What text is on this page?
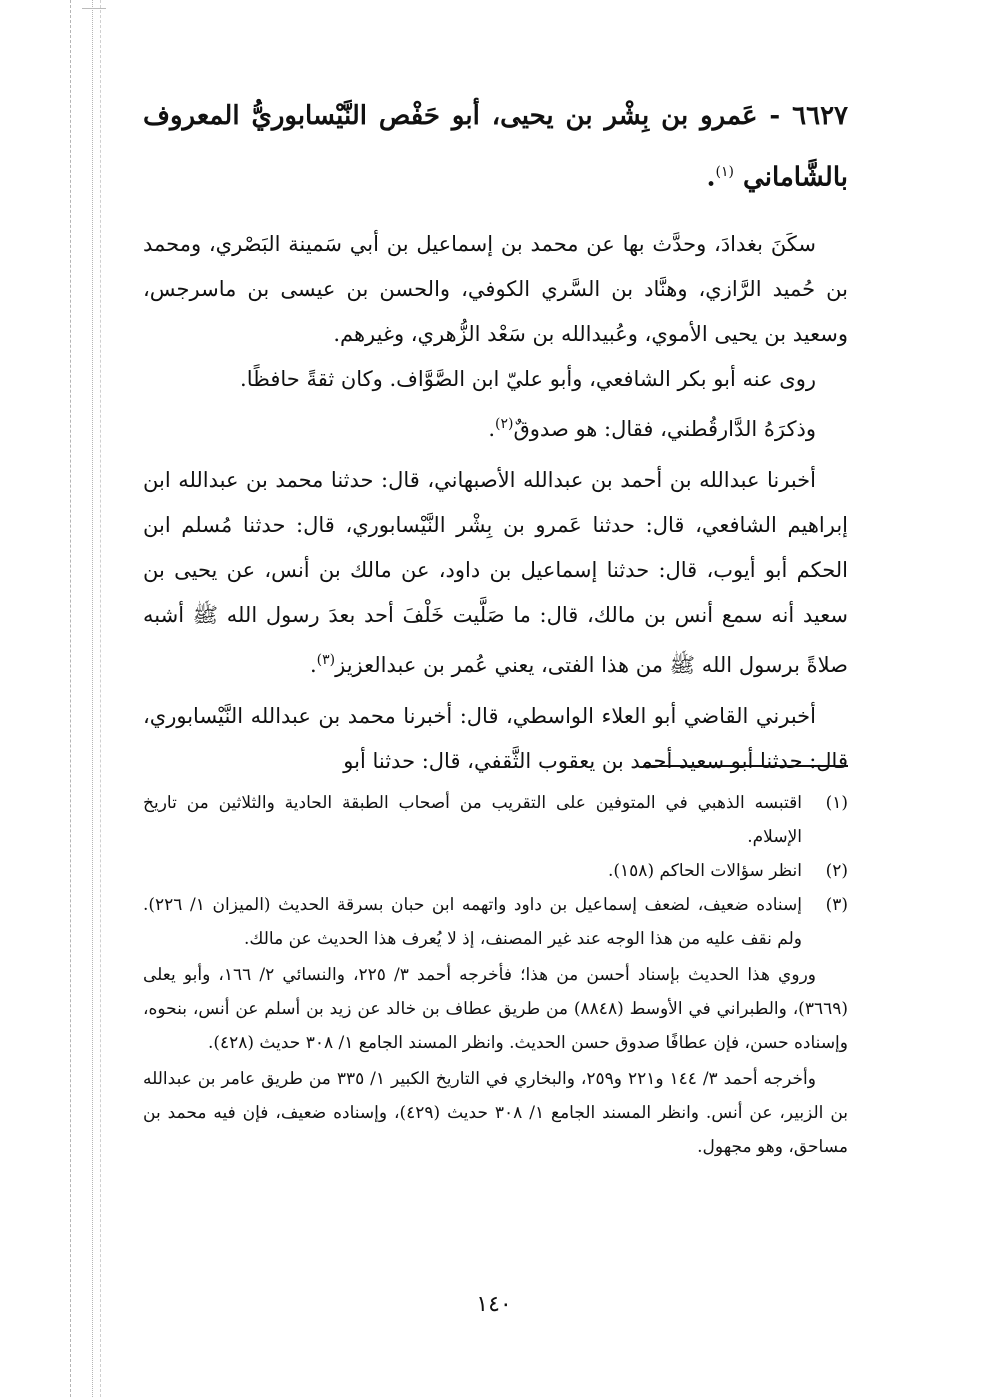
٦٦٢٧ - عَمرو بن بِشْر بن يحيى، أبو حَفْص النَّيْسابوريُّ المعروف بالشَّاماني $^{(١)}$.

سكَنَ بغدادَ، وحدَّث بها عن محمد بن إسماعيل بن أبي سَمينة البَصْري، ومحمد بن حُميد الرَّازي، وهنَّاد بن السَّري الكوفي، والحسن بن عيسى بن ماسرجس، وسعيد بن يحيى الأموي، وعُبيدالله بن سَعْد الزُّهري، وغيرهم.

روى عنه أبو بكر الشافعي، وأبو عليّ ابن الصَّوَّاف. وكان ثقةً حافظًا.

وذكرَهُ الدَّارقُطني، فقال: هو صدوقٌ$^{(٢)}$.

أخبرنا عبدالله بن أحمد بن عبدالله الأصبهاني، قال: حدثنا محمد بن عبدالله ابن إبراهيم الشافعي، قال: حدثنا عَمرو بن بِشْر النَّيْسابوري، قال: حدثنا مُسلم ابن الحكم أبو أيوب، قال: حدثنا إسماعيل بن داود، عن مالك بن أنس، عن يحيى بن سعيد أنه سمع أنس بن مالك، قال: ما صَلَّيت خَلْفَ أحد بعدَ رسول الله ﷺ أشبه صلاةً برسول الله ﷺ من هذا الفتى، يعني عُمر بن عبدالعزيز$^{(٣)}$.

أخبرني القاضي أبو العلاء الواسطي، قال: أخبرنا محمد بن عبدالله النَّيْسابوري، قال: حدثنا أبو سعيد أحمد بن يعقوب الثَّقفي، قال: حدثنا أبو

(١)
اقتبسه الذهبي في المتوفين على التقريب من أصحاب الطبقة الحادية والثلاثين من تاريخ الإسلام.
(٢)
انظر سؤالات الحاكم (١٥٨).
(٣)
إسناده ضعيف، لضعف إسماعيل بن داود واتهمه ابن حبان بسرقة الحديث (الميزان ١/ ٢٢٦). ولم نقف عليه من هذا الوجه عند غير المصنف، إذ لا يُعرف هذا الحديث عن مالك.

وروي هذا الحديث بإسناد أحسن من هذا؛ فأخرجه أحمد ٣/ ٢٢٥، والنسائي ٢/ ١٦٦، وأبو يعلى (٣٦٦٩)، والطبراني في الأوسط (٨٨٤٨) من طريق عطاف بن خالد عن زيد بن أسلم عن أنس، بنحوه، وإسناده حسن، فإن عطافًا صدوق حسن الحديث. وانظر المسند الجامع ١/ ٣٠٨ حديث (٤٢٨).

وأخرجه أحمد ٣/ ١٤٤ و٢٢١ و٢٥٩، والبخاري في التاريخ الكبير ١/ ٣٣٥ من طريق عامر بن عبدالله بن الزبير، عن أنس. وانظر المسند الجامع ١/ ٣٠٨ حديث (٤٢٩)، وإسناده ضعيف، فإن فيه محمد بن مساحق، وهو مجهول.

١٤٠
